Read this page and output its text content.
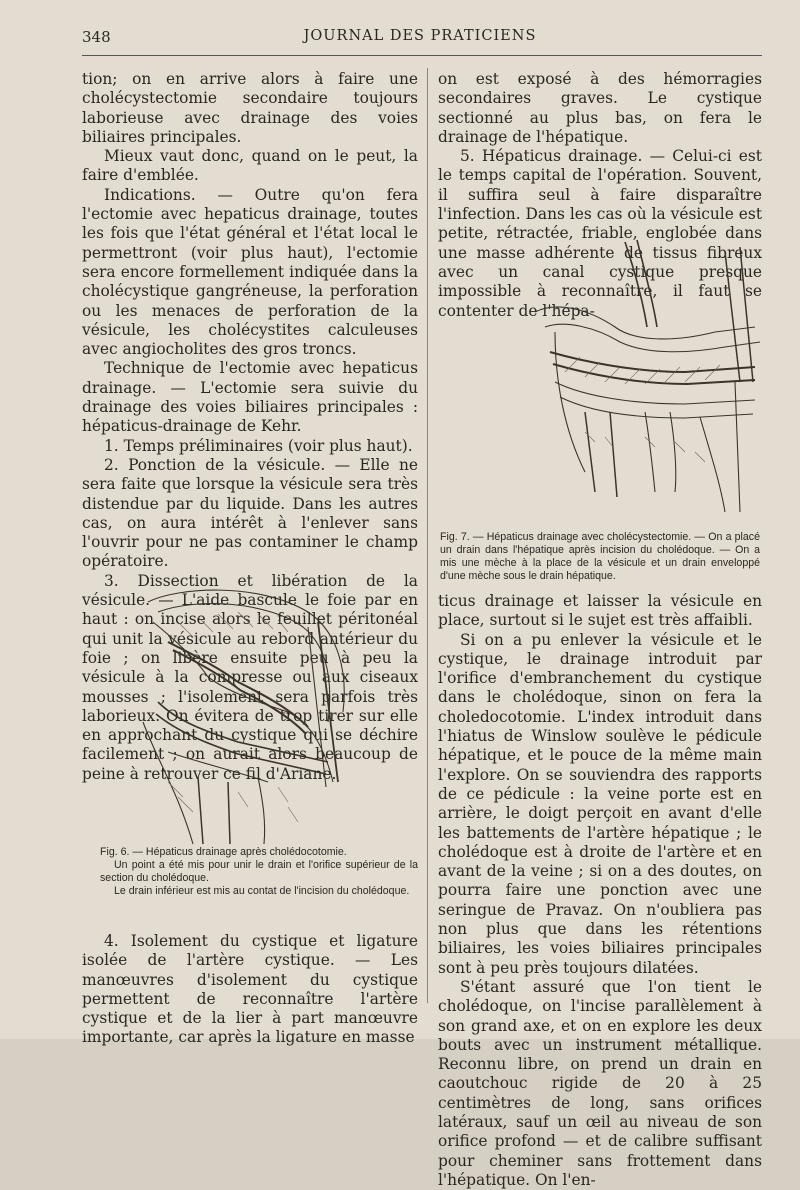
348	JOURNAL DES PRATICIENS

tion; on en arrive alors à faire une cholécystectomie secondaire toujours laborieuse avec drainage des voies biliaires principales.

Mieux vaut donc, quand on le peut, la faire d'emblée.

Indications. — Outre qu'on fera l'ectomie avec hepaticus drainage, toutes les fois que l'état général et l'état local le permettront (voir plus haut), l'ectomie sera encore formellement indiquée dans la cholécystique gangréneuse, la perforation ou les menaces de perforation de la vésicule, les cholécystites calculeuses avec angiocholites des gros troncs.

Technique de l'ectomie avec hepaticus drainage. — L'ectomie sera suivie du drainage des voies biliaires principales : hépaticus-drainage de Kehr.

1. Temps préliminaires (voir plus haut).

2. Ponction de la vésicule. — Elle ne sera faite que lorsque la vésicule sera très distendue par du liquide. Dans les autres cas, on aura intérêt à l'enlever sans l'ouvrir pour ne pas contaminer le champ opératoire.

3. Dissection et libération de la vésicule. — L'aide bascule le foie par en haut : on incise alors le feuillet péritonéal qui unit la vésicule au rebord antérieur du foie ; on libère ensuite peu à peu la vésicule à la compresse ou aux ciseaux mousses ; l'isolement sera parfois très laborieux. On évitera de trop tirer sur elle en approchant du cystique qui se déchire facilement ; on aurait alors beaucoup de peine à retrouver ce fil d'Ariane.

Fig. 6. — Hépaticus drainage après cholédocotomie.

Un point a été mis pour unir le drain et l'orifice supérieur de la section du cholédoque.

Le drain inférieur est mis au contat de l'incision du cholédoque.

4. Isolement du cystique et ligature isolée de l'artère cystique. — Les manœuvres d'isolement du cystique permettent de reconnaître l'artère cystique et de la lier à part manœuvre importante, car après la ligature en masse

on est exposé à des hémorragies secondaires graves. Le cystique sectionné au plus bas, on fera le drainage de l'hépatique.

5. Hépaticus drainage. — Celui-ci est le temps capital de l'opération. Souvent, il suffira seul à faire disparaître l'infection. Dans les cas où la vésicule est petite, rétractée, friable, englobée dans une masse adhérente de tissus fibreux avec un canal cystique presque impossible à reconnaître, il faut se contenter de l'hépa-

Fig. 7. — Hépaticus drainage avec cholécystectomie. — On a placé un drain dans l'hépatique après incision du cholédoque. — On a mis une mèche à la place de la vésicule et un drain enveloppé d'une mèche sous le drain hépatique.

ticus drainage et laisser la vésicule en place, surtout si le sujet est très affaibli.

Si on a pu enlever la vésicule et le cystique, le drainage introduit par l'orifice d'embranchement du cystique dans le cholédoque, sinon on fera la choledocotomie. L'index introduit dans l'hiatus de Winslow soulève le pédicule hépatique, et le pouce de la même main l'explore. On se souviendra des rapports de ce pédicule : la veine porte est en arrière, le doigt perçoit en avant d'elle les battements de l'artère hépatique ; le cholédoque est à droite de l'artère et en avant de la veine ; si on a des doutes, on pourra faire une ponction avec une seringue de Pravaz. On n'oubliera pas non plus que dans les rétentions biliaires, les voies biliaires principales sont à peu près toujours dilatées.

S'étant assuré que l'on tient le cholédoque, on l'incise parallèlement à son grand axe, et on en explore les deux bouts avec un instrument métallique. Reconnu libre, on prend un drain en caoutchouc rigide de 20 à 25 centimètres de long, sans orifices latéraux, sauf un œil au niveau de son orifice profond — et de calibre suffisant pour cheminer sans frottement dans l'hépatique. On l'en-
